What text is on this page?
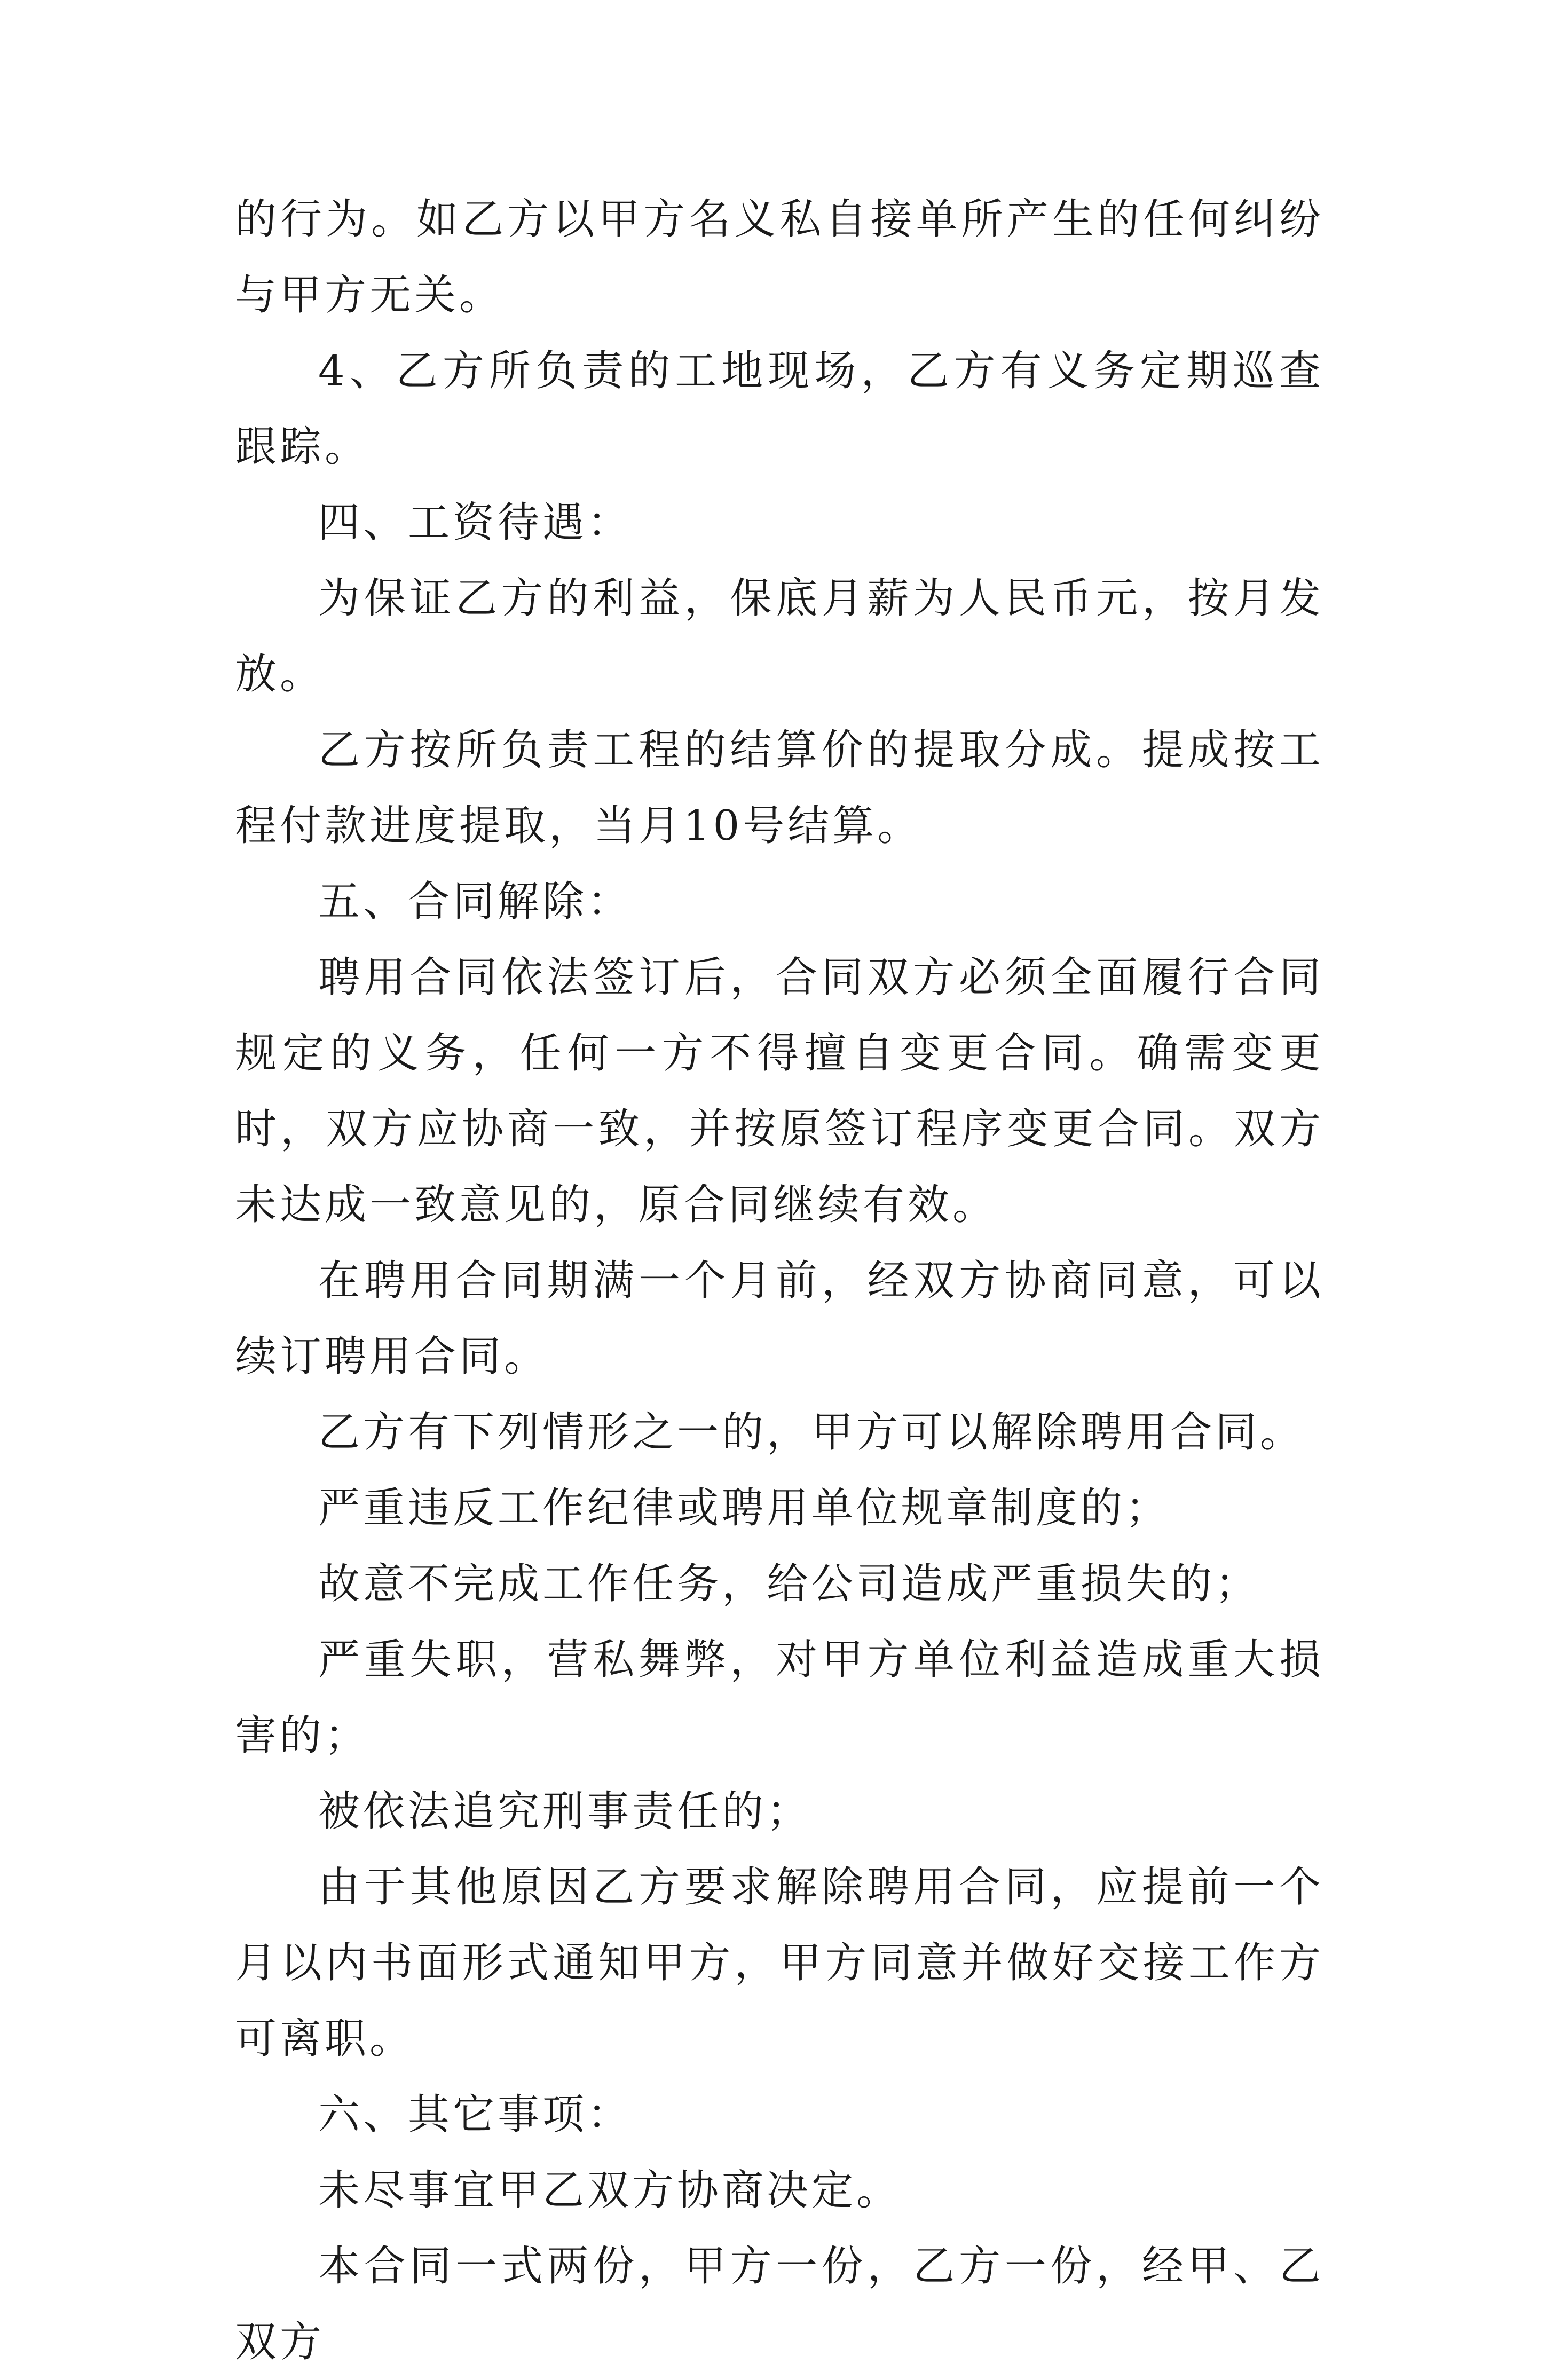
的行为。如乙方以甲方名义私自接单所产生的任何纠纷与甲方无关。

4、乙方所负责的工地现场，乙方有义务定期巡查跟踪。

四、工资待遇：

为保证乙方的利益，保底月薪为人民币元，按月发放。

乙方按所负责工程的结算价的提取分成。提成按工程付款进度提取，当月10号结算。

五、合同解除：

聘用合同依法签订后，合同双方必须全面履行合同规定的义务，任何一方不得擅自变更合同。确需变更时，双方应协商一致，并按原签订程序变更合同。双方未达成一致意见的，原合同继续有效。

在聘用合同期满一个月前，经双方协商同意，可以续订聘用合同。

乙方有下列情形之一的，甲方可以解除聘用合同。

严重违反工作纪律或聘用单位规章制度的；

故意不完成工作任务，给公司造成严重损失的；

严重失职，营私舞弊，对甲方单位利益造成重大损害的；

被依法追究刑事责任的；

由于其他原因乙方要求解除聘用合同，应提前一个月以内书面形式通知甲方，甲方同意并做好交接工作方可离职。

六、其它事项：

未尽事宜甲乙双方协商决定。

本合同一式两份，甲方一份，乙方一份，经甲、乙双方
